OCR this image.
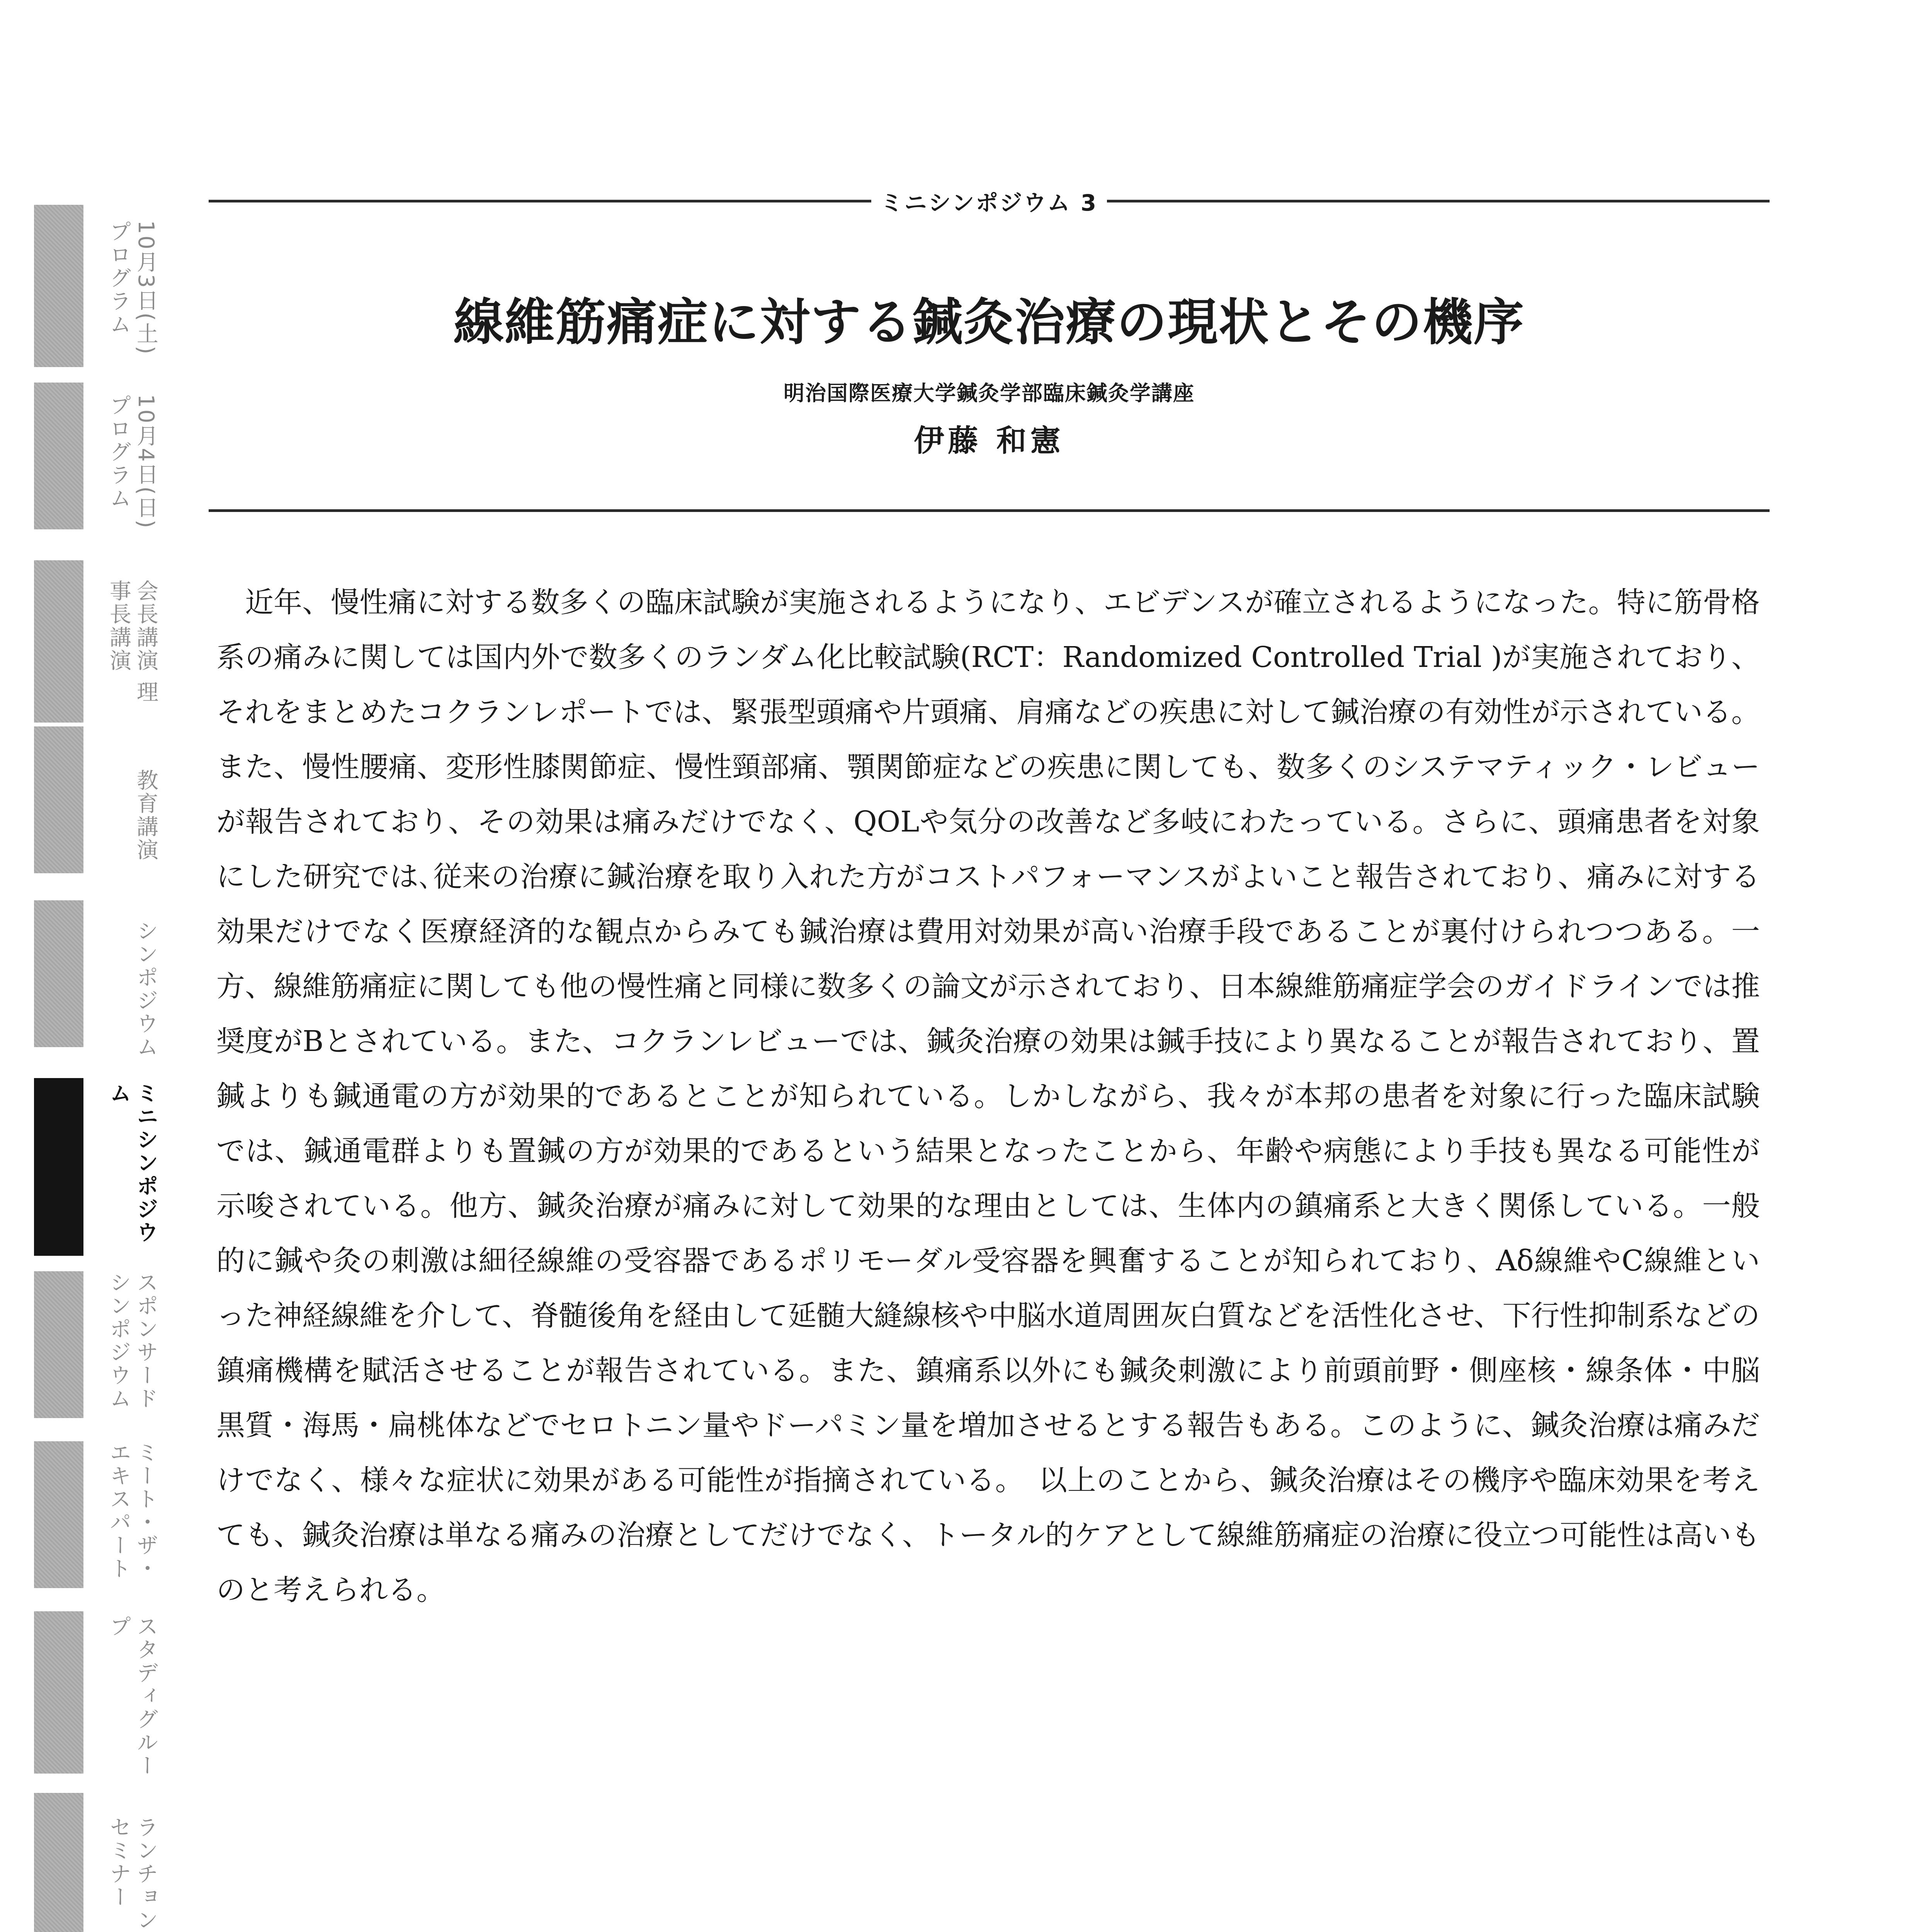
10月3日(土)プログラム
10月4日(日)プログラム
会長講演 理事長講演
教育講演
シンポジウム
ミニシンポジウム
スポンサード シンポジウム
ミート・ザ・エキスパート
スタディグループ
ランチョン セミナー
ミニシンポジウム 3
線維筋痛症に対する鍼灸治療の現状とその機序
明治国際医療大学鍼灸学部臨床鍼灸学講座
伊藤 和憲
　近年、慢性痛に対する数多くの臨床試験が実施されるようになり、エビデンスが確立されるようになった。特に筋骨格系の痛みに関しては国内外で数多くのランダム化比較試験(RCT：Randomized Controlled Trial )が実施されており、それをまとめたコクランレポートでは、緊張型頭痛や片頭痛、肩痛などの疾患に対して鍼治療の有効性が示されている。また、慢性腰痛、変形性膝関節症、慢性頸部痛、顎関節症などの疾患に関しても、数多くのシステマティック・レビューが報告されており、その効果は痛みだけでなく、QOLや気分の改善など多岐にわたっている。さらに、頭痛患者を対象にした研究では､従来の治療に鍼治療を取り入れた方がコストパフォーマンスがよいこと報告されており、痛みに対する効果だけでなく医療経済的な観点からみても鍼治療は費用対効果が高い治療手段であることが裏付けられつつある。一方、線維筋痛症に関しても他の慢性痛と同様に数多くの論文が示されており、日本線維筋痛症学会のガイドラインでは推奨度がBとされている。また、コクランレビューでは、鍼灸治療の効果は鍼手技により異なることが報告されており、置鍼よりも鍼通電の方が効果的であるとことが知られている。しかしながら、我々が本邦の患者を対象に行った臨床試験では、鍼通電群よりも置鍼の方が効果的であるという結果となったことから、年齢や病態により手技も異なる可能性が示唆されている。他方、鍼灸治療が痛みに対して効果的な理由としては、生体内の鎮痛系と大きく関係している。一般的に鍼や灸の刺激は細径線維の受容器であるポリモーダル受容器を興奮することが知られており、Aδ線維やC線維といった神経線維を介して、脊髄後角を経由して延髄大縫線核や中脳水道周囲灰白質などを活性化させ、下行性抑制系などの鎮痛機構を賦活させることが報告されている。また、鎮痛系以外にも鍼灸刺激により前頭前野・側座核・線条体・中脳黒質・海馬・扁桃体などでセロトニン量やドーパミン量を増加させるとする報告もある。このように、鍼灸治療は痛みだけでなく、様々な症状に効果がある可能性が指摘されている。　以上のことから、鍼灸治療はその機序や臨床効果を考えても、鍼灸治療は単なる痛みの治療としてだけでなく、トータル的ケアとして線維筋痛症の治療に役立つ可能性は高いものと考えられる。
